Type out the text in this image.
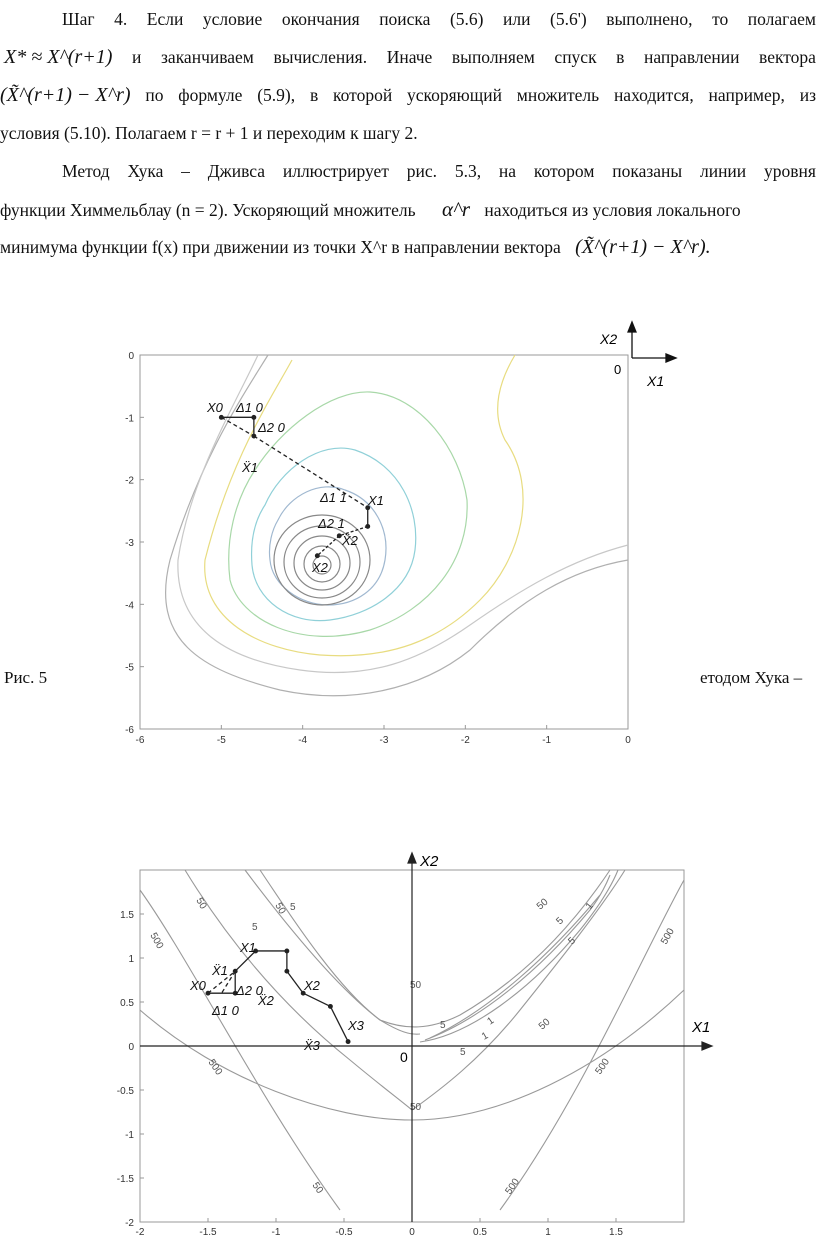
Шаг 4. Если условие окончания поиска (5.6) или (5.6') выполнено, то полагаем
X* ≈ X^(r+1) и заканчиваем вычисления. Иначе выполняем спуск в направлении вектора
(X̃^(r+1) − X^r) по формуле (5.9), в которой ускоряющий множитель находится, например, из
условия (5.10). Полагаем r = r + 1 и переходим к шагу 2.
Метод Хука – Дживса иллюстрирует рис. 5.3, на котором показаны линии уровня
функции Химмельблау (n = 2). Ускоряющий множитель α^r находиться из условия локального
минимума функции f(x) при движении из точки X^r в направлении вектора (X̃^(r+1) − X^r).
Рис. 5	етодом Хука –
-6	-5	-4	-3	-2	-1	0
0
-1
-2
-3
-4
-5
-6
X0 Δ1 0
Δ2 0
Ẍ1
Δ1 1 X1
Δ2 1
Ẍ2
X2
X2
X1
0
-2	-1.5	-1	-0.5	0	0.5	1	1.5
1.5
1
0.5
0
-0.5
-1
-1.5
-2
500
50
5
5
50	50
5
1
5
50
5	1
500
50
1
5
500
50
500
50	500
X1
X2
0
X0
Ẍ1
X1
Δ2 0
Δ1 0
Ẍ2
X2
Ẍ3
X3
